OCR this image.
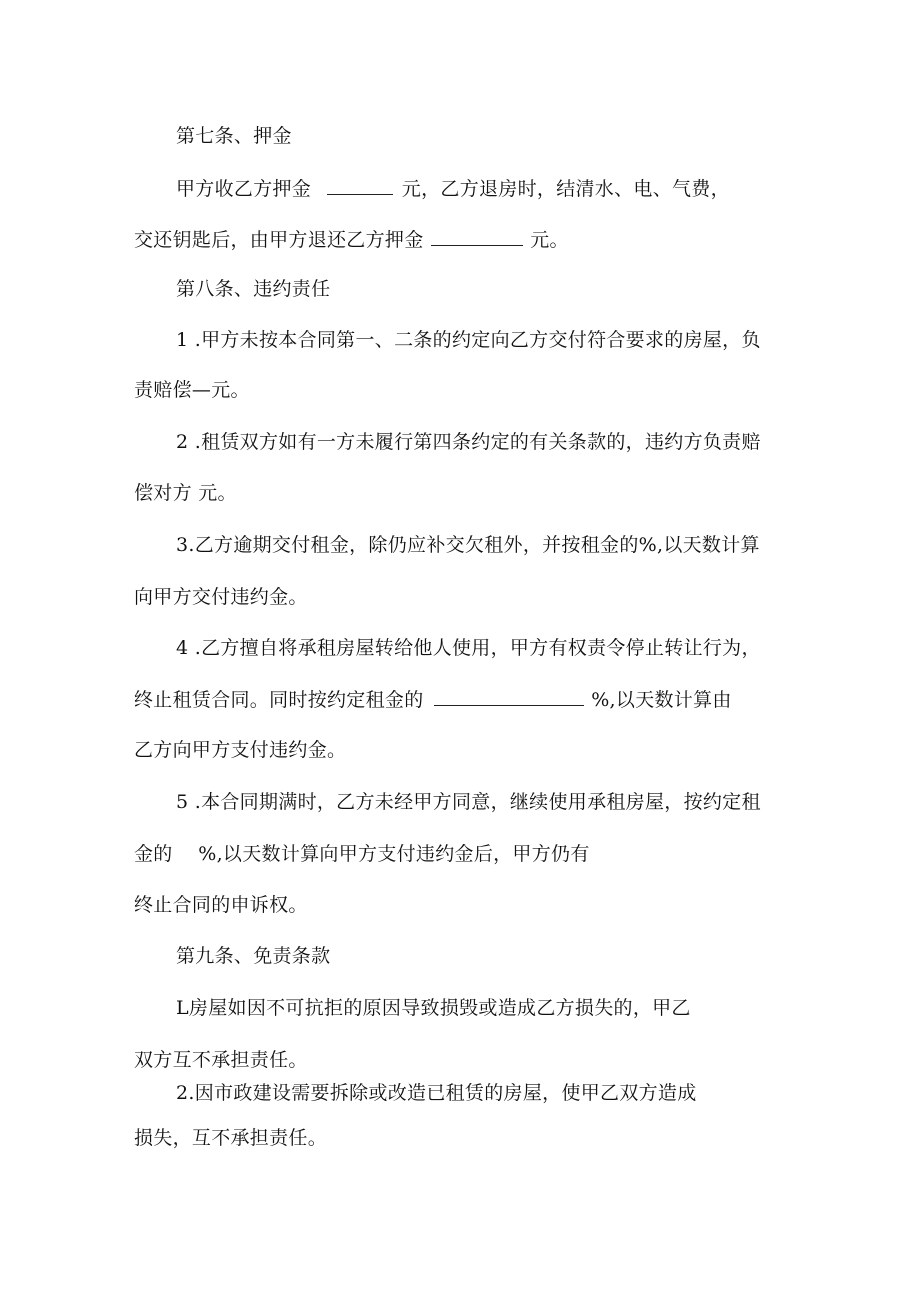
第七条、押金
甲方收乙方押金	元，乙方退房时，结清水、电、气费，
交还钥匙后，由甲方退还乙方押金	元。
第八条、违约责任
1 .甲方未按本合同第一、二条的约定向乙方交付符合要求的房屋，负
责赔偿—元。
2 .租赁双方如有一方未履行第四条约定的有关条款的，违约方负责赔
偿对方 元。
3.乙方逾期交付租金，除仍应补交欠租外，并按租金的%,以天数计算
向甲方交付违约金。
4 .乙方擅自将承租房屋转给他人使用，甲方有权责令停止转让行为，
终止租赁合同。同时按约定租金的	%,以天数计算由
乙方向甲方支付违约金。
5 .本合同期满时，乙方未经甲方同意，继续使用承租房屋，按约定租
金的　 %,以天数计算向甲方支付违约金后，甲方仍有
终止合同的申诉权。
第九条、免责条款
L房屋如因不可抗拒的原因导致损毁或造成乙方损失的，甲乙
双方互不承担责任。
2.因市政建设需要拆除或改造已租赁的房屋，使甲乙双方造成
损失，互不承担责任。
